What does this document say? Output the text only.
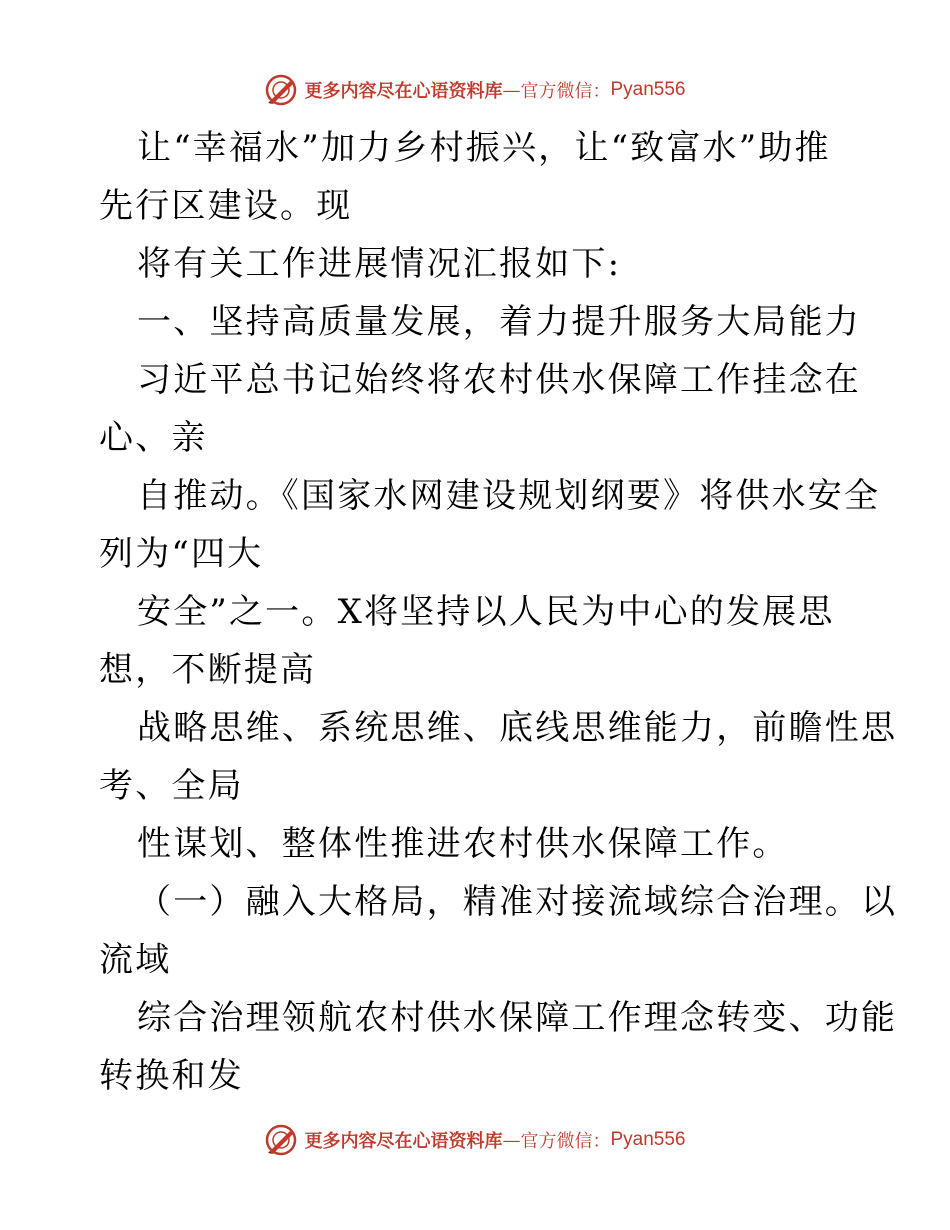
更多内容尽在心语资料库 — 官方微信： Pyan556
让“幸福水”加力乡村振兴，让“致富水”助推
先行区建设。现
将有关工作进展情况汇报如下:
一、坚持高质量发展，着力提升服务大局能力
习近平总书记始终将农村供水保障工作挂念在
心、亲
自推动。《国家水网建设规划纲要》将供水安全
列为“四大
安全”之一。X将坚持以人民为中心的发展思
想，不断提高
战略思维、系统思维、底线思维能力，前瞻性思
考、全局
性谋划、整体性推进农村供水保障工作。
（一）融入大格局，精准对接流域综合治理。以
流域
综合治理领航农村供水保障工作理念转变、功能
转换和发
更多内容尽在心语资料库 — 官方微信： Pyan556
